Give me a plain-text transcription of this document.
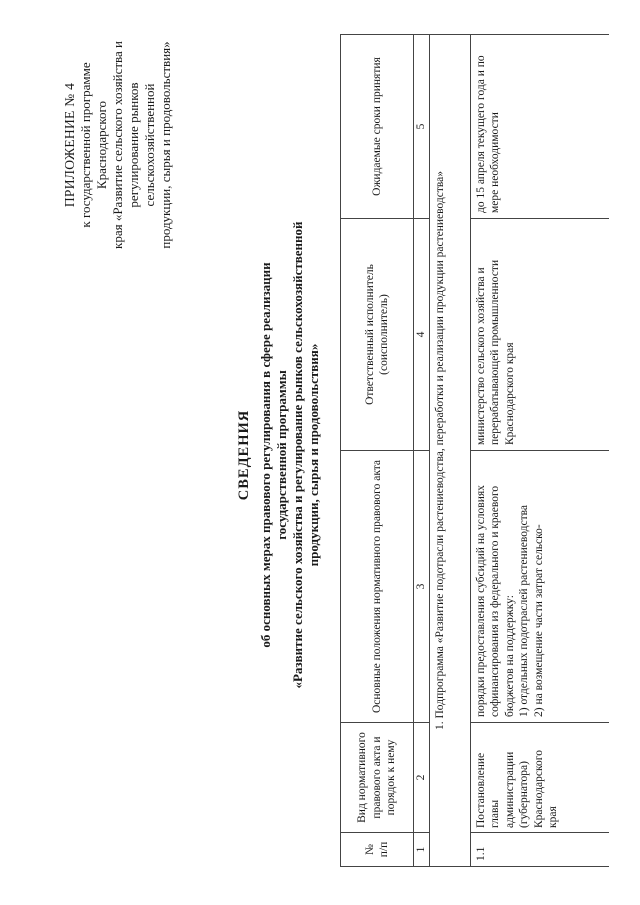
ПРИЛОЖЕНИЕ № 4 к государственной программе Краснодарского края «Развитие сельского хозяйства и регулирование рынков сельскохозяйственной продукции, сырья и продовольствия»
СВЕДЕНИЯ об основных мерах правового регулирования в сфере реализации государственной программы «Развитие сельского хозяйства и регулирование рынков сельскохозяйственной продукции, сырья и продовольствия»
№ п/п	Вид нормативного правового акта и порядок к нему	Основные положения нормативного правового акта	Ответственный исполнитель (соисполнитель)	Ожидаемые сроки принятия
1	2	3	4	5
1. Подпрограмма «Развитие подотрасли растениеводства, переработки и реализации продукции растениеводства»				
1.1	Постановление главы администрации (губернатора) Краснодарского края	порядки предоставления субсидий на условиях софинансирования из федерального и краевого бюджетов на поддержку: 1) отдельных подотраслей растениеводства 2) на возмещение части затрат сельско-	министерство сельского хозяйства и перерабатывающей промышленности Краснодарского края	до 15 апреля текущего года и по мере необходимости
